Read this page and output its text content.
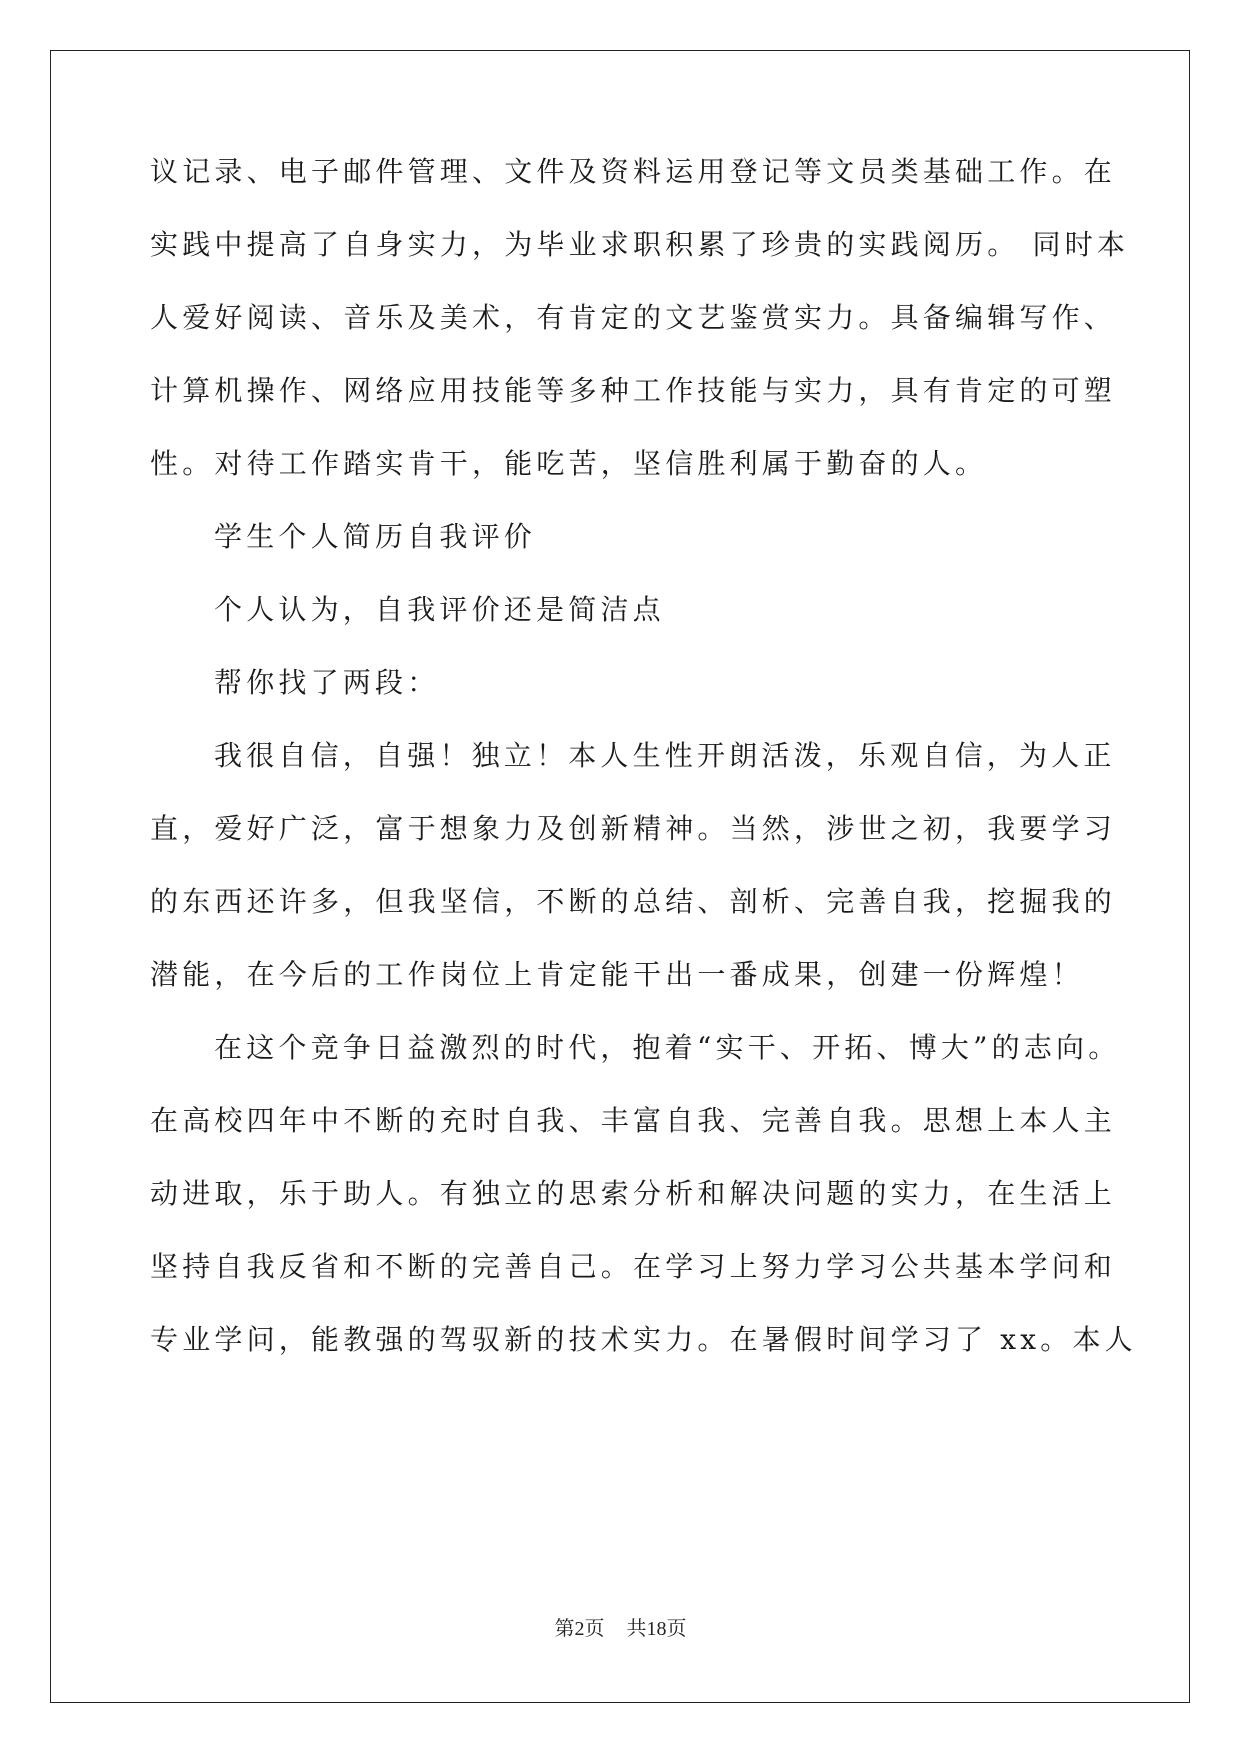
议记录、电子邮件管理、文件及资料运用登记等文员类基础工作。在
实践中提高了自身实力，为毕业求职积累了珍贵的实践阅历。 同时本
人爱好阅读、音乐及美术，有肯定的文艺鉴赏实力。具备编辑写作、
计算机操作、网络应用技能等多种工作技能与实力，具有肯定的可塑
性。对待工作踏实肯干，能吃苦，坚信胜利属于勤奋的人。
学生个人简历自我评价
个人认为，自我评价还是简洁点
帮你找了两段：
我很自信，自强！独立！本人生性开朗活泼，乐观自信，为人正
直，爱好广泛，富于想象力及创新精神。当然，涉世之初，我要学习
的东西还许多，但我坚信，不断的总结、剖析、完善自我，挖掘我的
潜能，在今后的工作岗位上肯定能干出一番成果，创建一份辉煌！
在这个竞争日益激烈的时代，抱着“实干、开拓、博大”的志向。
在高校四年中不断的充时自我、丰富自我、完善自我。思想上本人主
动进取，乐于助人。有独立的思索分析和解决问题的实力，在生活上
坚持自我反省和不断的完善自己。在学习上努力学习公共基本学问和
专业学问，能教强的驾驭新的技术实力。在暑假时间学习了 xx。本人
第2页 共18页
